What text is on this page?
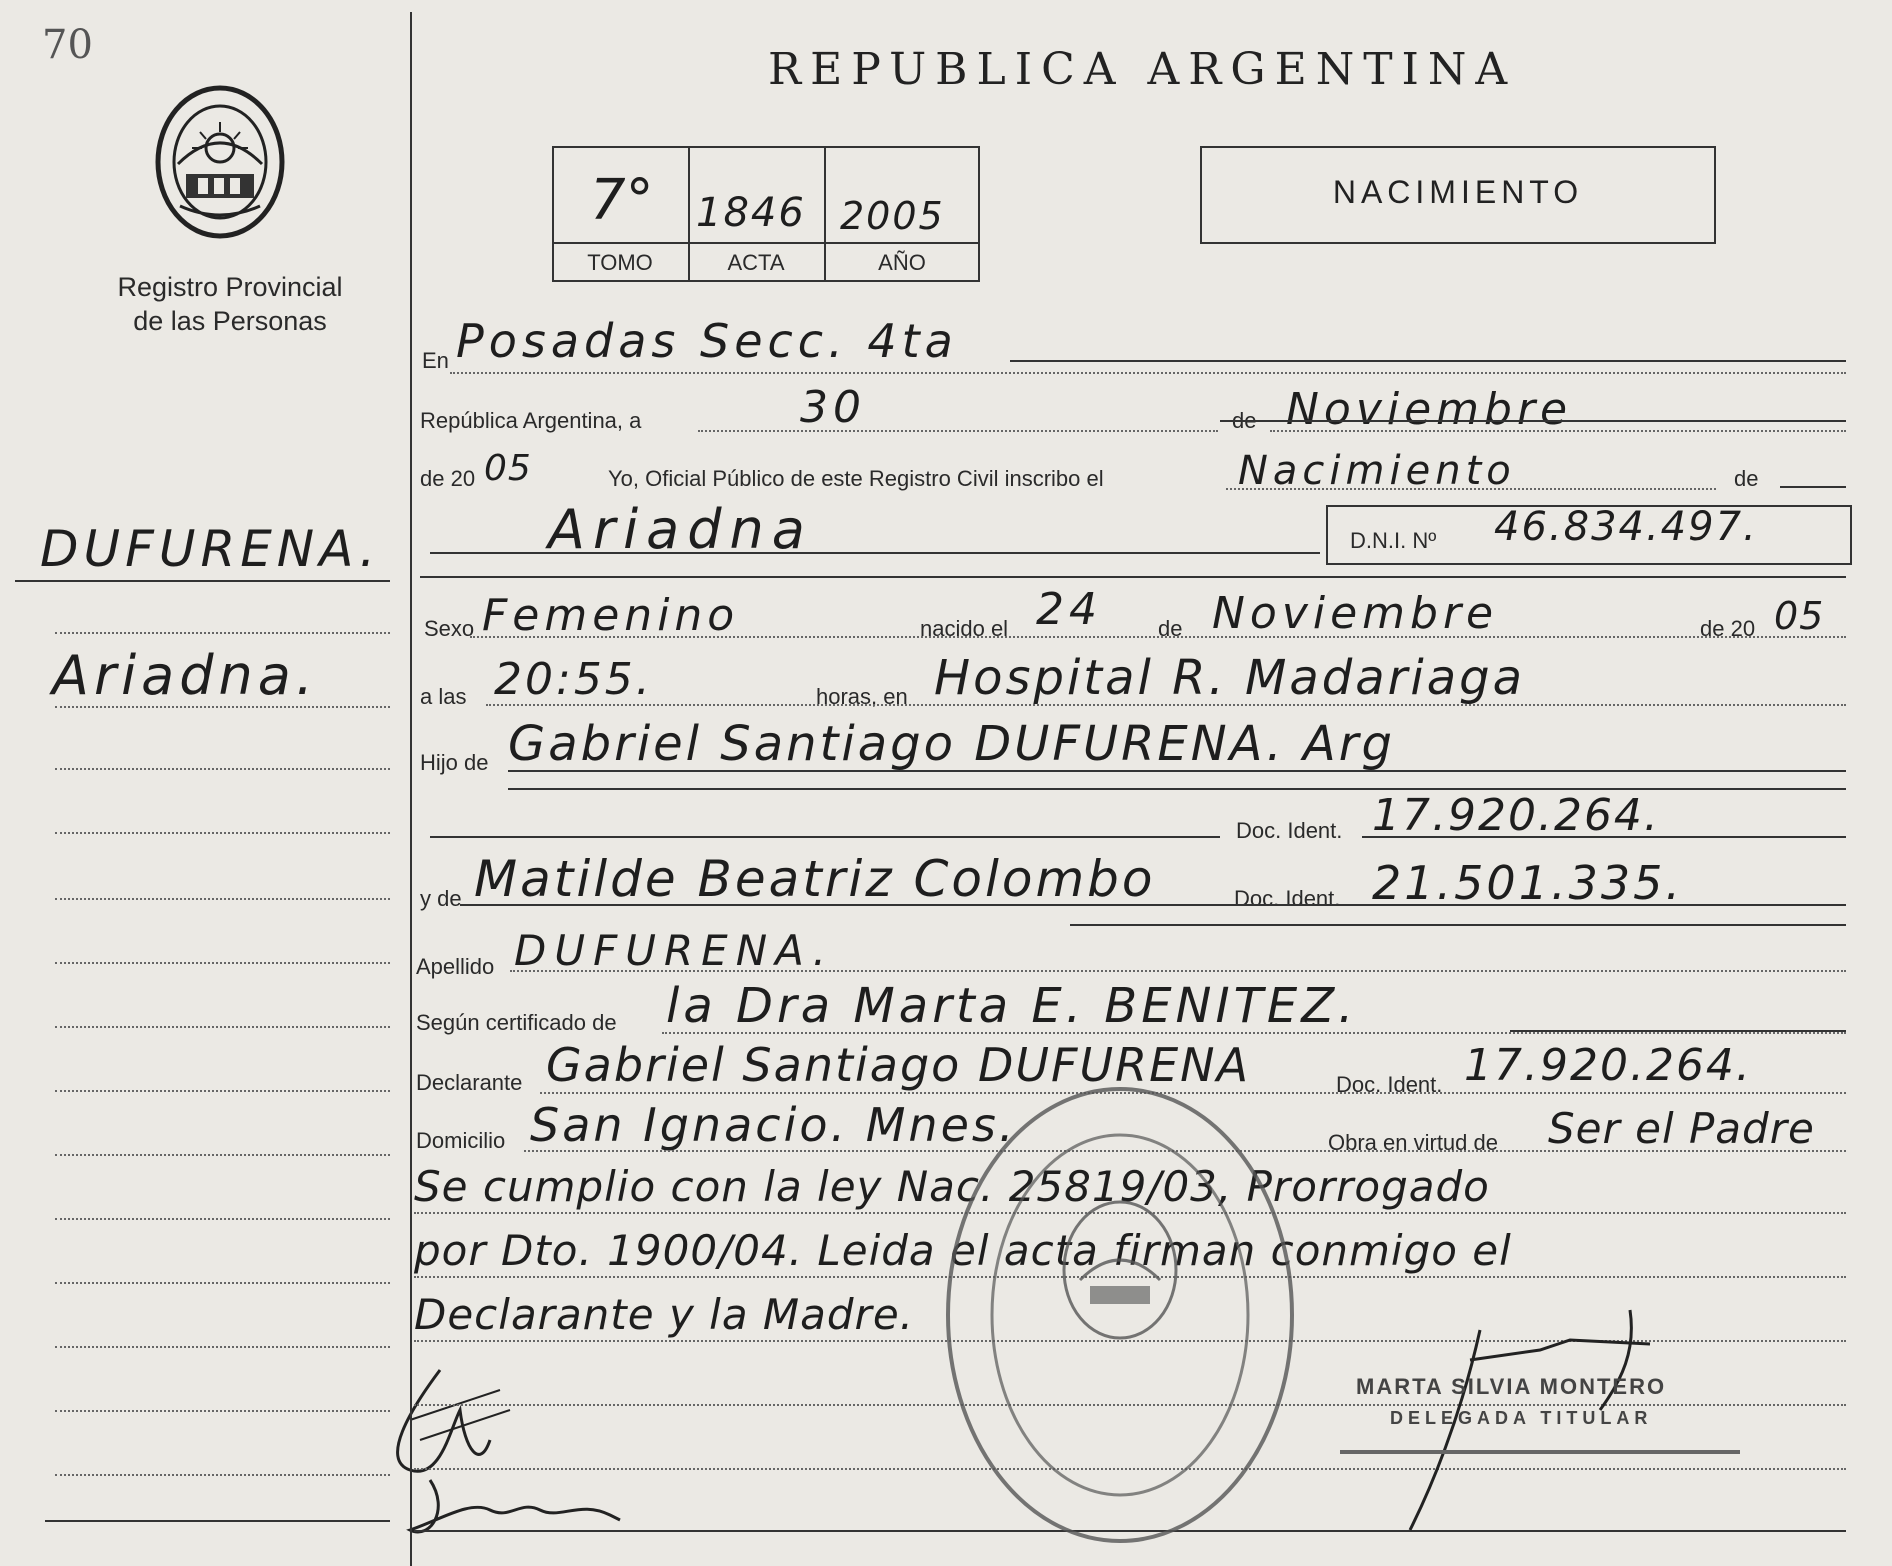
70
Registro Provincial
de las Personas
DUFURENA.
Ariadna.
REPUBLICA ARGENTINA
7° 1846 2005
TOMO	ACTA	AÑO
NACIMIENTO
En Posadas Secc. 4ta
República Argentina, a	30	de Noviembre
de 20 05	Yo, Oficial Público de este Registro Civil inscribo el	Nacimiento	de
Ariadna	D.N.I. Nº 46.834.497.
Sexo Femenino	nacido el 24	de Noviembre	de 20 05
a las 20:55.	horas, en Hospital R. Madariaga
Hijo de Gabriel Santiago DUFURENA. Arg
Doc. Ident. 17.920.264.
y de Matilde Beatriz Colombo	Doc. Ident. 21.501.335.
Apellido DUFURENA.
Según certificado de la Dra Marta E. BENITEZ.
Declarante Gabriel Santiago DUFURENA	Doc. Ident. 17.920.264.
Domicilio San Ignacio. Mnes.	Obra en virtud de Ser el Padre
Se cumplio con la ley Nac. 25819/03, Prorrogado
por Dto. 1900/04. Leida el acta firman conmigo el
Declarante y la Madre.
MARTA SILVIA MONTERO
DELEGADA TITULAR
